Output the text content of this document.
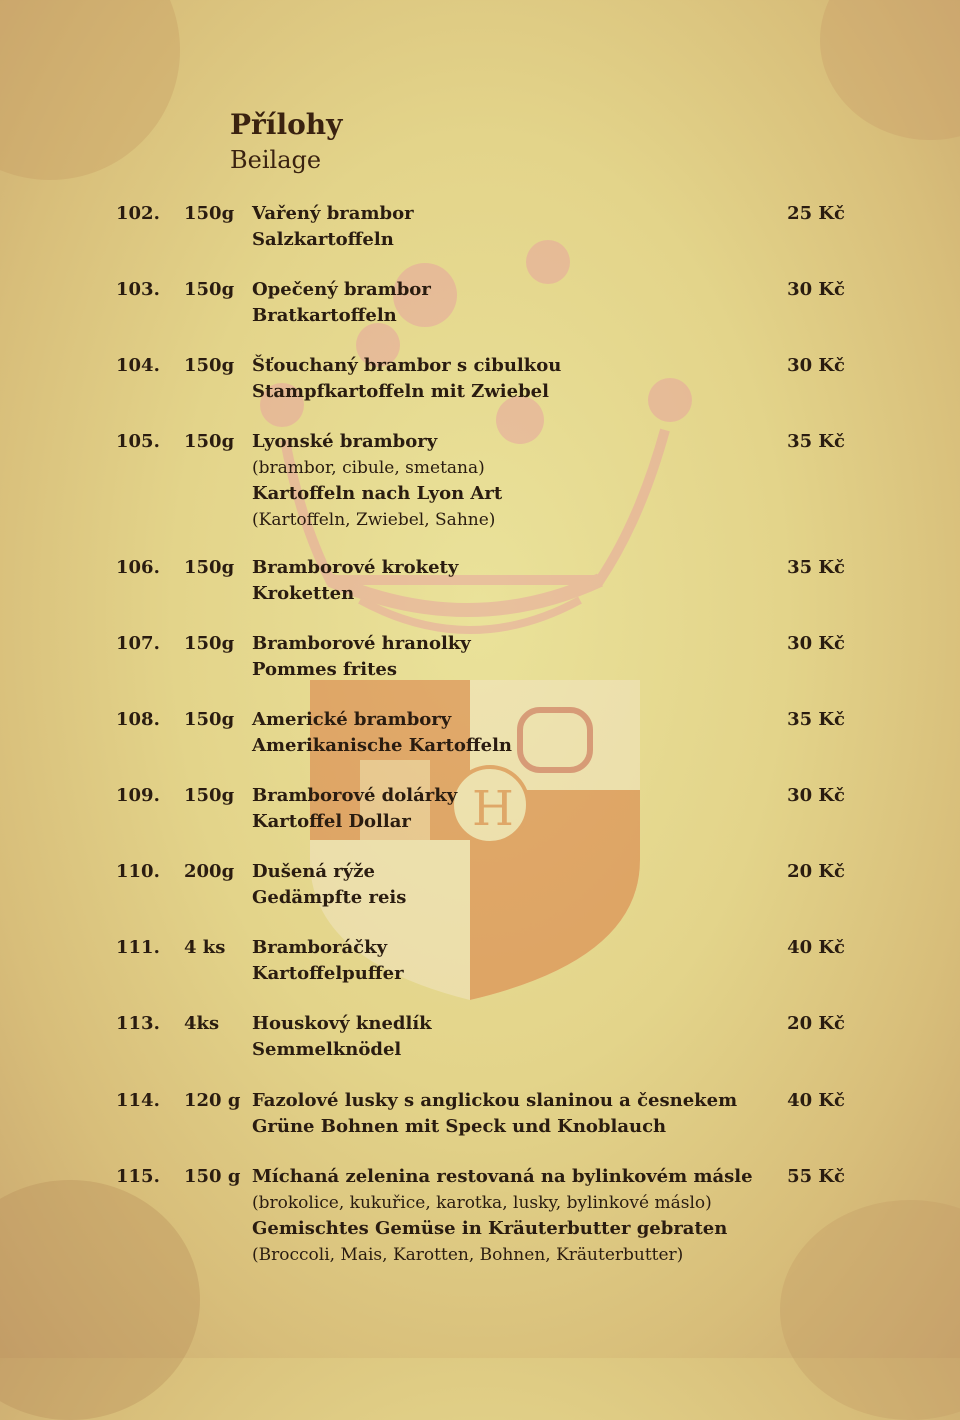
H
Přílohy
Beilage
102. 150g Vařený brambor
Salzkartoffeln
25 Kč
103. 150g Opečený brambor
Bratkartoffeln
30 Kč
104. 150g Šťouchaný brambor s cibulkou
Stampfkartoffeln mit Zwiebel
30 Kč
105. 150g Lyonské brambory
(brambor, cibule, smetana)
Kartoffeln nach Lyon Art
(Kartoffeln, Zwiebel, Sahne)
35 Kč
106. 150g Bramborové krokety
Kroketten
35 Kč
107. 150g Bramborové hranolky
Pommes frites
30 Kč
108. 150g Americké brambory
Amerikanische Kartoffeln
35 Kč
109. 150g Bramborové dolárky
Kartoffel Dollar
30 Kč
110. 200g Dušená rýže
Gedämpfte reis
20 Kč
111. 4 ks Bramboráčky
Kartoffelpuffer
40 Kč
113. 4ks Houskový knedlík
Semmelknödel
20 Kč
114. 120 g Fazolové lusky s anglickou slaninou a česnekem
Grüne Bohnen mit Speck und Knoblauch
40 Kč
115. 150 g Míchaná zelenina restovaná na bylinkovém másle
(brokolice, kukuřice, karotka, lusky, bylinkové máslo)
Gemischtes Gemüse in Kräuterbutter gebraten
(Broccoli, Mais, Karotten, Bohnen, Kräuterbutter)
55 Kč
